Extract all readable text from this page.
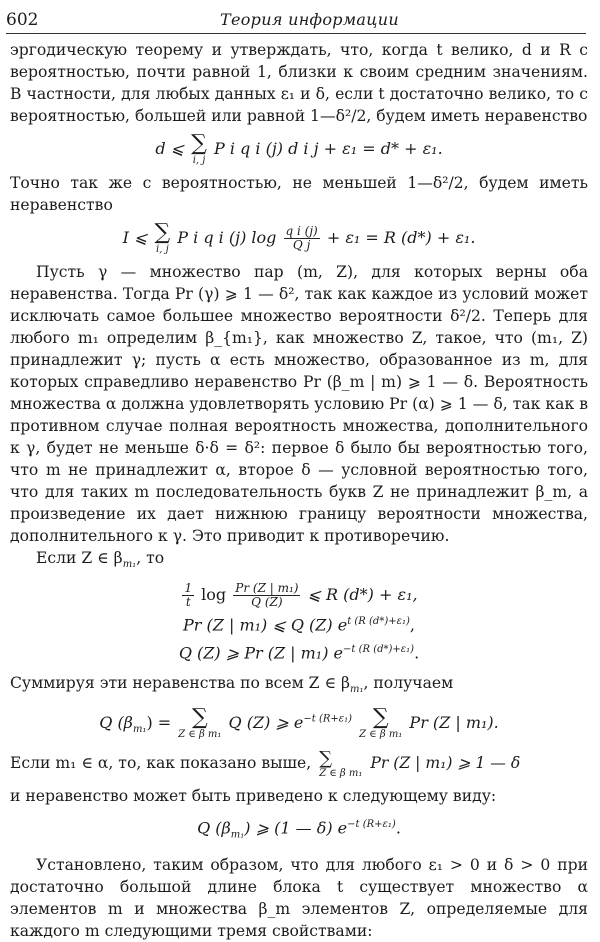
602	Теория информации

эргодическую теорему и утверждать, что, когда t велико, d и R с вероятностью, почти равной 1, близки к своим средним значениям. В частности, для любых данных ε₁ и δ, если t достаточно велико, то с вероятностью, большей или равной 1—δ²/2, будем иметь неравенство

d ⩽ ∑
i, j
P i q i (j) d i j + ε₁ = d* + ε₁.

Точно так же с вероятностью, не меньшей 1—δ²/2, будем иметь неравенство

I ⩽ ∑
i, j
P i q i (j) $\log \frac{\text{q i (j)}}{\text{Q j}} + \varepsilon_1 = R$ (d*) + ε₁.

Пусть γ — множество пар (m, Z), для которых верны оба неравенства. Тогда Pr (γ) ⩾ 1 — δ², так как каждое из условий может исключать самое большее множество вероятности δ²/2. Теперь для любого m₁ определим β_{m₁}, как множество Z, такое, что (m₁, Z) принадлежит γ; пусть α есть множество, образованное из m, для которых справедливо неравенство Pr (β_m | m) ⩾ 1 — δ. Вероятность множества α должна удовлетворять условию Pr (α) ⩾ 1 — δ, так как в противном случае полная вероятность множества, дополнительного к γ, будет не меньше δ·δ = δ²: первое δ было бы вероятностью того, что m не принадлежит α, второе δ — условной вероятностью того, что для таких m последовательность букв Z не принадлежит β_m, а произведение их дает нижнюю границу вероятности множества, дополнительного к γ. Это приводит к противоречию.

Если Z ∈ $\beta_{m_1}$, то

$\frac{1}{t}$ $\log \frac{\text{Pr (Z | m₁)}}{Q (Z)}$ ⩽ R (d*) + ε₁,
Pr (Z | m₁) ⩽ Q (Z) $e^{t (R (d*)+\varepsilon_1)}$,
Q (Z) ⩾ Pr (Z | m₁) $e^{-t (R (d*)+\varepsilon_1)}$.

Суммируя эти неравенства по всем Z ∈ $\beta_{m_1}$, получаем

Q $(\beta_{m_1})$ = ∑
Z ∈ β m₁
Q (Z) ⩾ $e^{-t (R+\varepsilon_1)}$ ∑
Z ∈ β m₁
Pr (Z | m₁).

Если m₁ ∈ α, то, как показано выше, ∑
Z ∈ β m₁
Pr (Z | m₁) ⩾ 1 — δ

и неравенство может быть приведено к следующему виду:

Q $(\beta_{m_1})$ ⩾ (1 — δ) $e^{-t (R+\varepsilon_1)}$.

Установлено, таким образом, что для любого ε₁ > 0 и δ > 0 при достаточно большой длине блока t существует множество α элементов m и множества β_m элементов Z, определяемые для каждого m следующими тремя свойствами:
